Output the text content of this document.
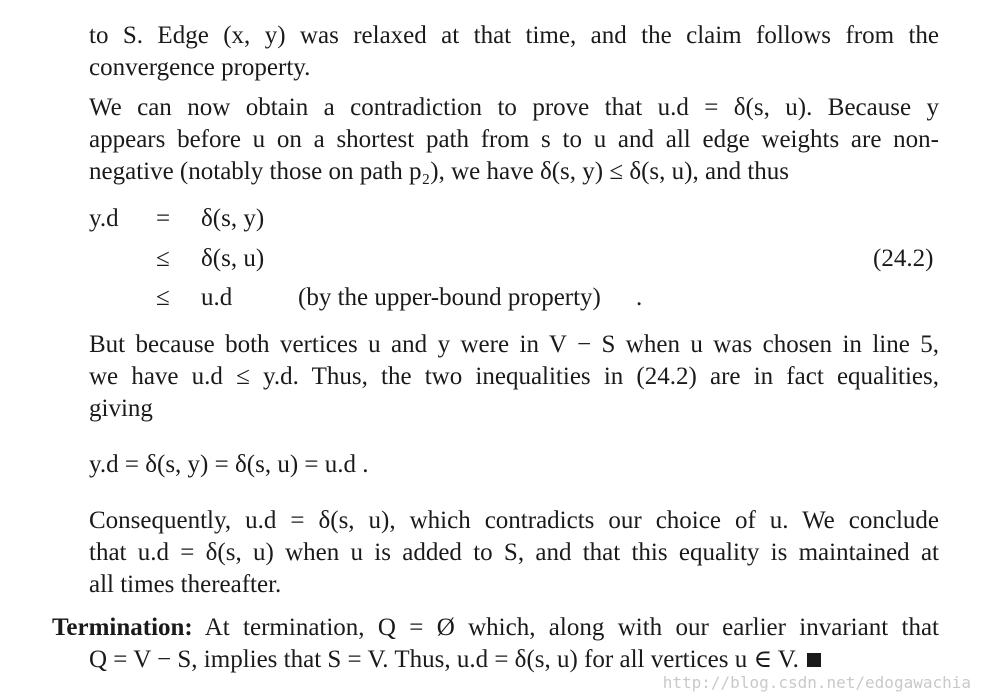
to S. Edge (x, y) was relaxed at that time, and the claim follows from the
convergence property.
We can now obtain a contradiction to prove that u.d = δ(s, u). Because y
appears before u on a shortest path from s to u and all edge weights are non-
negative (notably those on path p₂), we have δ(s, y) ≤ δ(s, u), and thus
y.d = δ(s, y)
≤ δ(s, u)	(24.2)
≤ u.d	(by the upper-bound property) .
But because both vertices u and y were in V − S when u was chosen in line 5,
we have u.d ≤ y.d. Thus, the two inequalities in (24.2) are in fact equalities,
giving
y.d = δ(s, y) = δ(s, u) = u.d .
Consequently, u.d = δ(s, u), which contradicts our choice of u. We conclude
that u.d = δ(s, u) when u is added to S, and that this equality is maintained at
all times thereafter.
Termination: At termination, Q = Ø which, along with our earlier invariant that
Q = V − S, implies that S = V. Thus, u.d = δ(s, u) for all vertices u ∈ V.
http://blog.csdn.net/edogawachia
